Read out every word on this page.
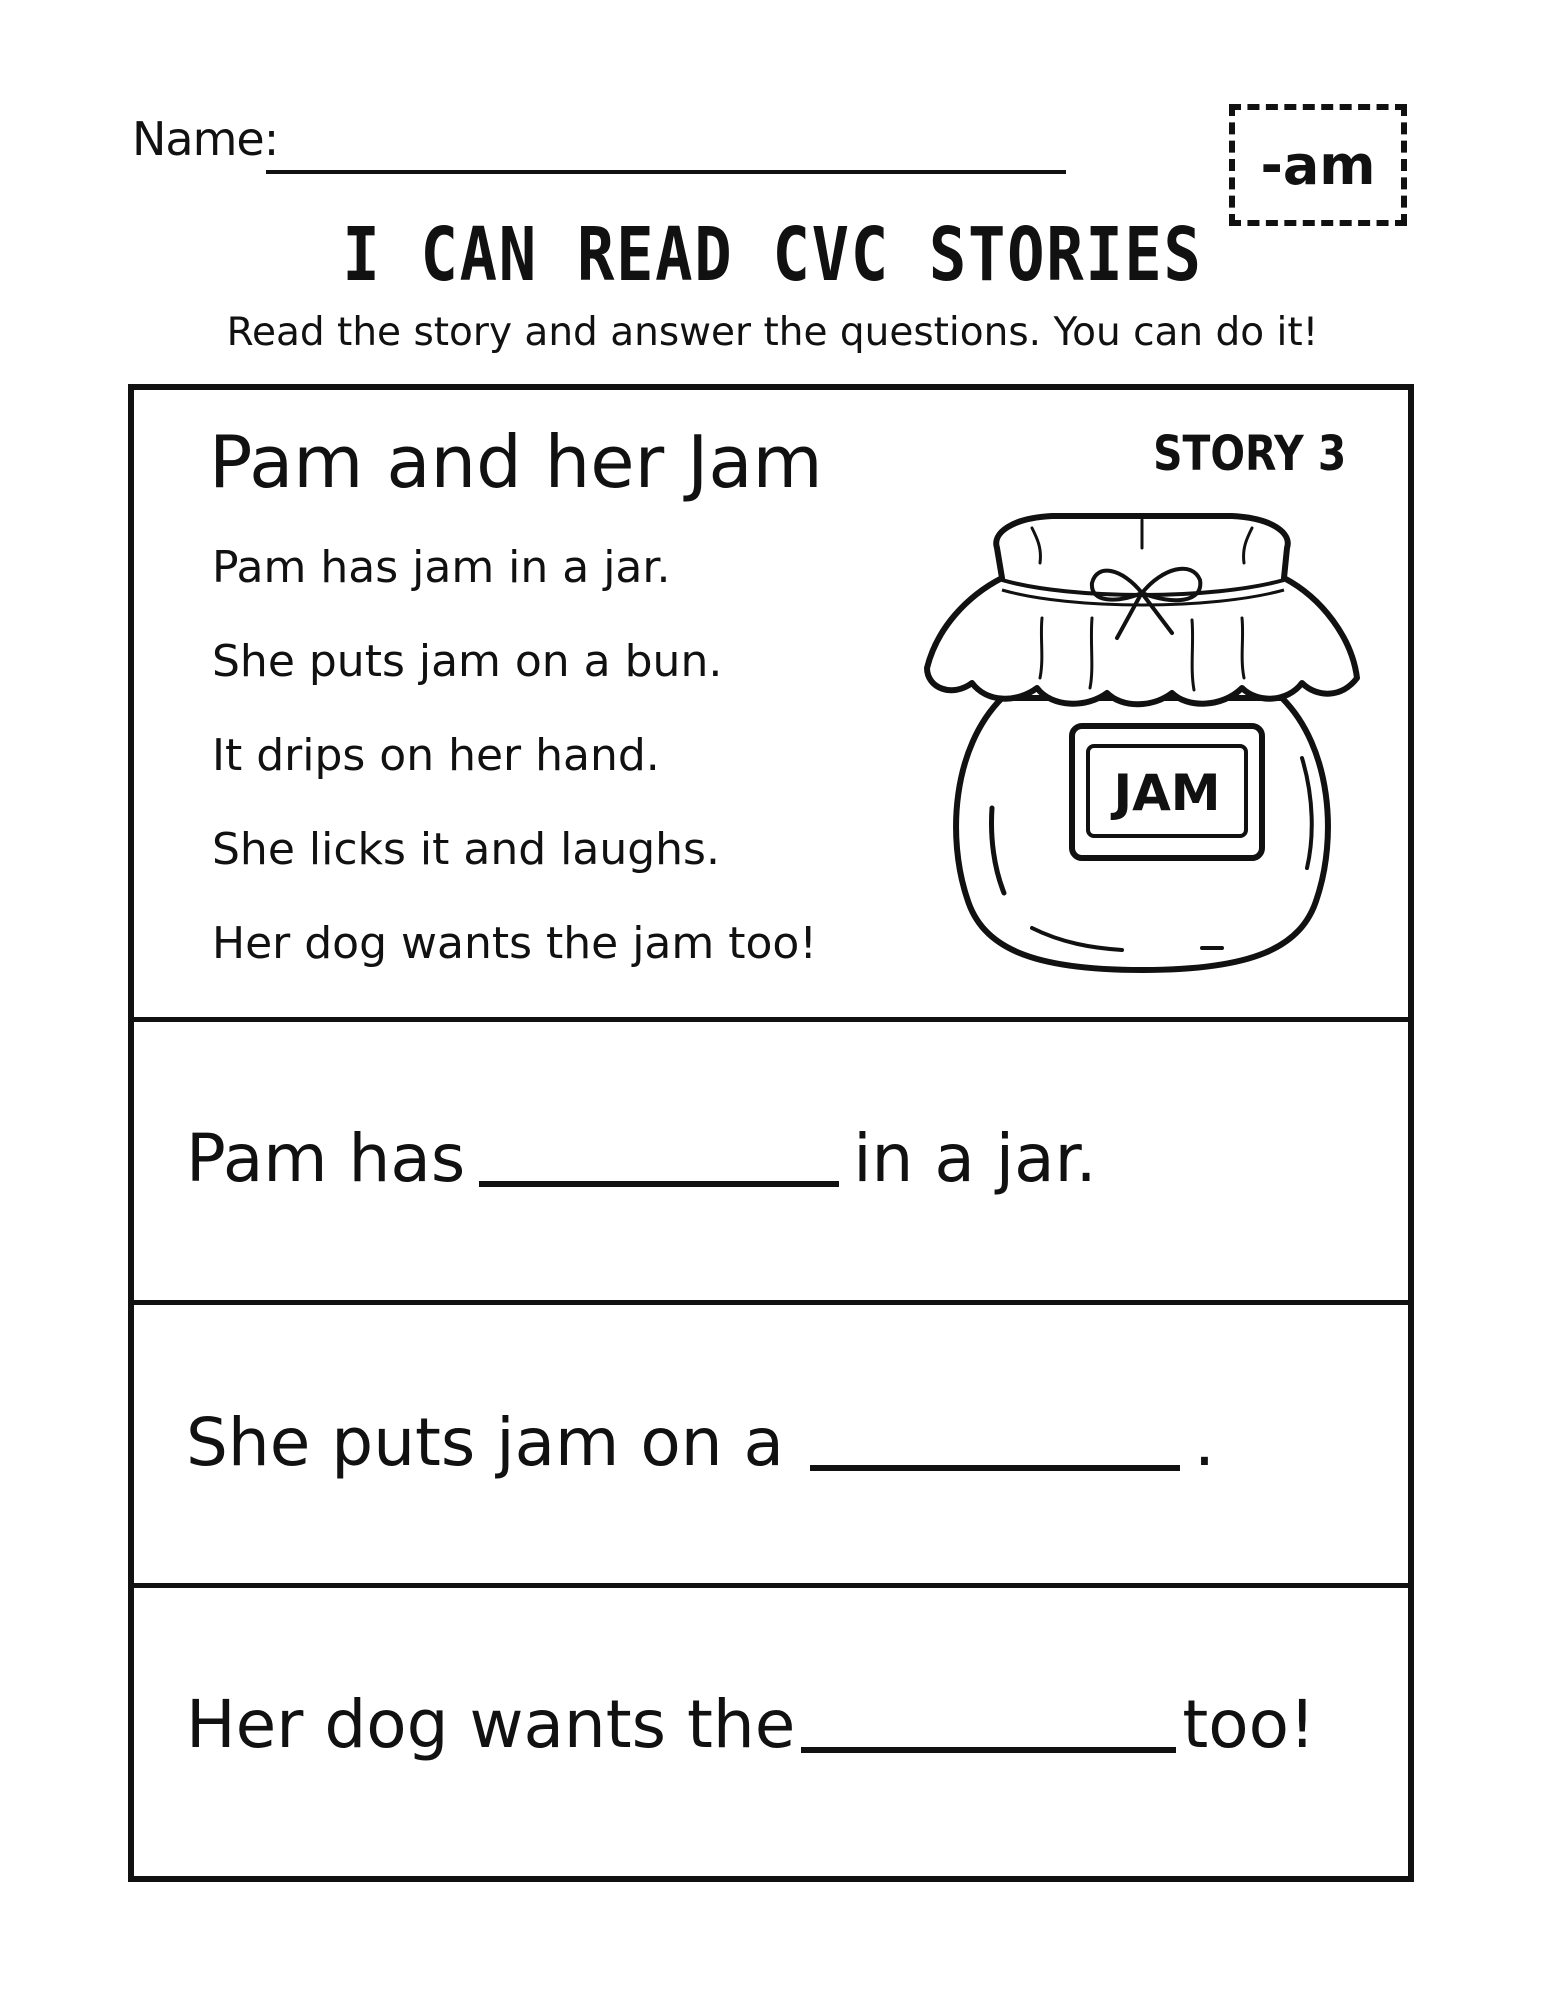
Name:	-am
I CAN READ CVC STORIES
Read the story and answer the questions. You can do it!
Pam and her Jam	STORY 3
Pam has jam in a jar.
She puts jam on a bun.
It drips on her hand.
She licks it and laughs.
Her dog wants the jam too!
JAM
Pam has	in a jar.
She puts jam on a	.
Her dog wants the	too!
